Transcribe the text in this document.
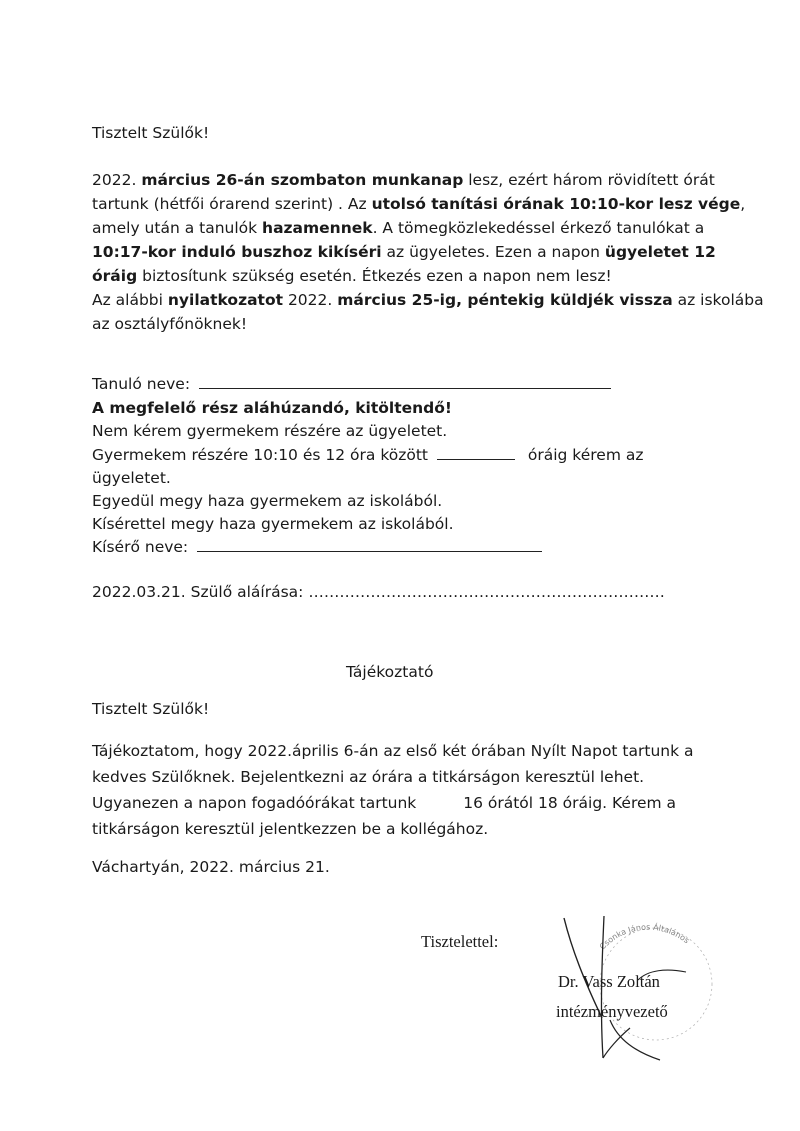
Tisztelt Szülők!
2022. március 26-án szombaton munkanap lesz, ezért három rövidített órát
tartunk (hétfői órarend szerint) . Az utolsó tanítási órának 10:10-kor lesz vége,
amely után a tanulók hazamennek. A tömegközlekedéssel érkező tanulókat a
10:17-kor induló buszhoz kikíséri az ügyeletes. Ezen a napon ügyeletet 12
óráig biztosítunk szükség esetén. Étkezés ezen a napon nem lesz!
Az alábbi nyilatkozatot 2022. március 25-ig, péntekig küldjék vissza az iskolába
az osztályfőnöknek!
Tanuló neve:
A megfelelő rész aláhúzandó, kitöltendő!
Nem kérem gyermekem részére az ügyeletet.
Gyermekem részére 10:10 és 12 óra között	óráig kérem az
ügyeletet.
Egyedül megy haza gyermekem az iskolából.
Kísérettel megy haza gyermekem az iskolából.
Kísérő neve:
2022.03.21. Szülő aláírása: ……………………………………………………………
Tájékoztató
Tisztelt Szülők!
Tájékoztatom, hogy 2022.április 6-án az első két órában Nyílt Napot tartunk a
kedves Szülőknek. Bejelentkezni az órára a titkárságon keresztül lehet.
Ugyanezen a napon fogadóórákat tartunk	16 órától 18 óráig. Kérem a
titkárságon keresztül jelentkezzen be a kollégához.
Váchartyán, 2022. március 21.
Tisztelettel:	Csonka János Általános
Dr. Vass Zoltán
intézményvezető
